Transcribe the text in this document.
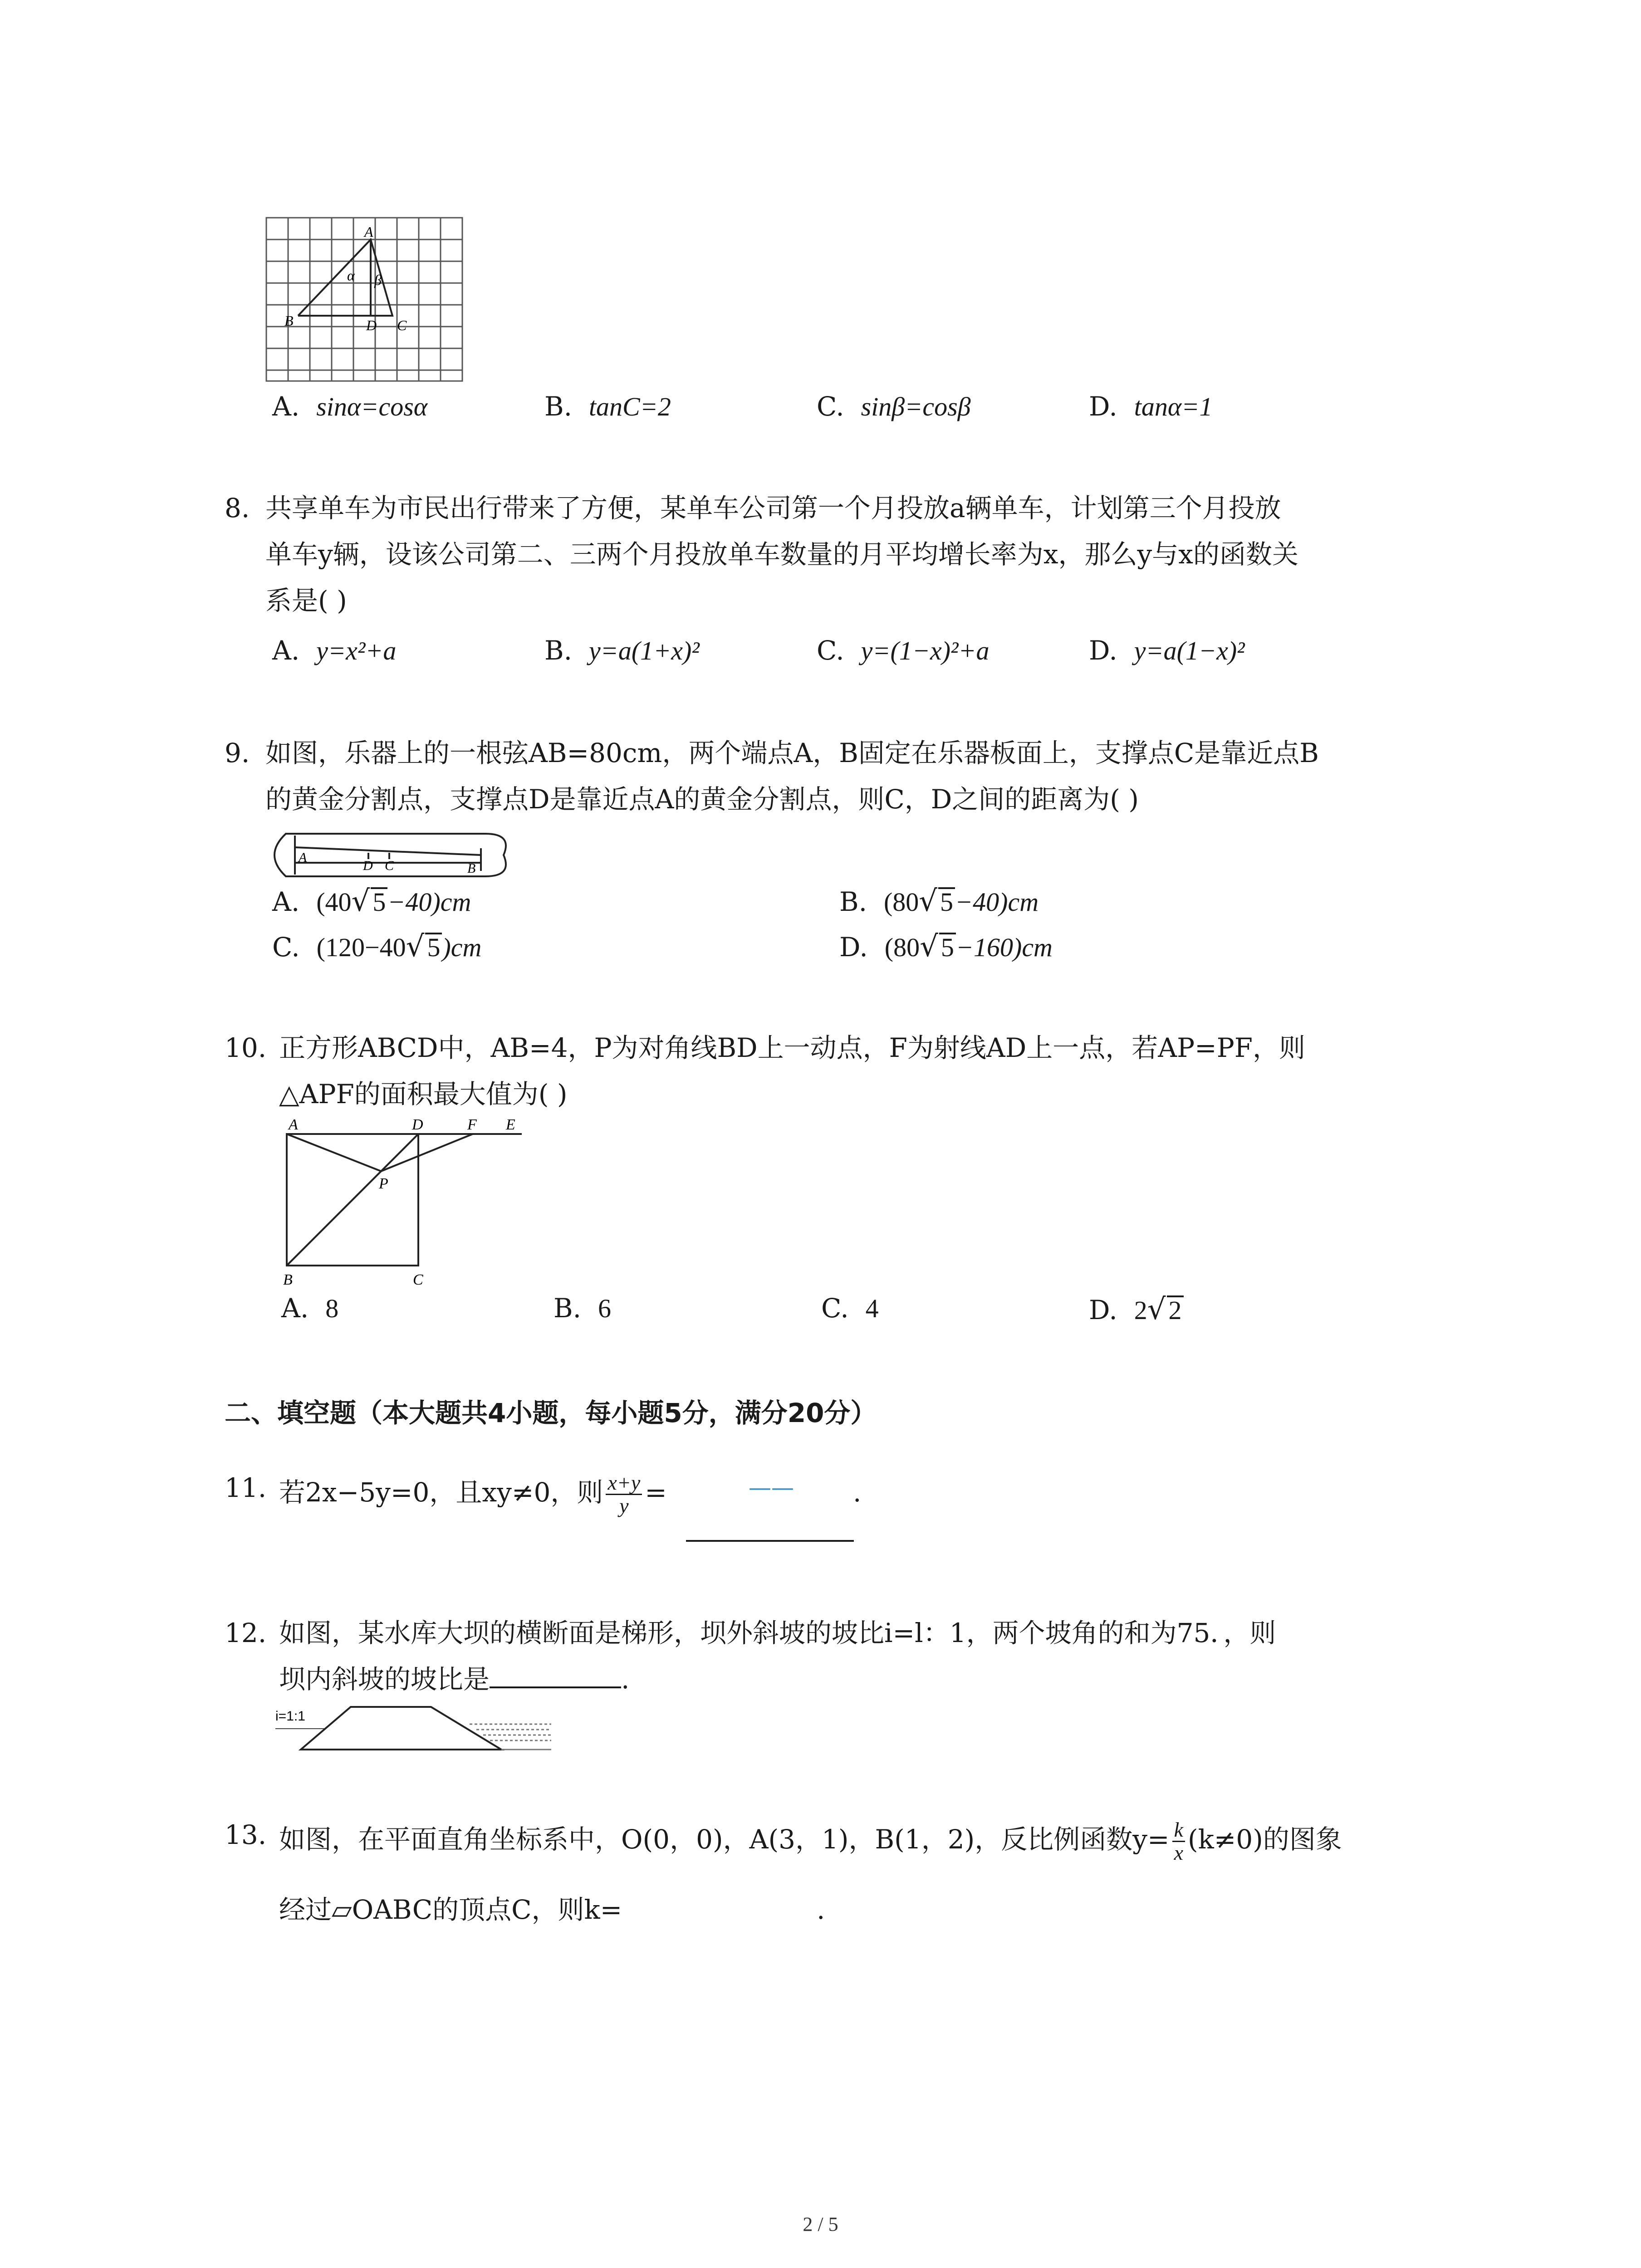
A
B	D C
α β
A. sinα=cosα	B. tanC=2	C. sinβ=cosβ	D. tanα=1
8. 共享单车为市民出行带来了方便，某单车公司第一个月投放a辆单车，计划第三个月投放
单车y辆，设该公司第二、三两个月投放单车数量的月平均增长率为x，那么y与x的函数关
系是( )
A. y=x²+a	B. y=a(1+x)²	C. y=(1−x)²+a	D. y=a(1−x)²
9. 如图，乐器上的一根弦AB=80cm，两个端点A，B固定在乐器板面上，支撑点C是靠近点B
的黄金分割点，支撑点D是靠近点A的黄金分割点，则C，D之间的距离为( )
A
D C	B
A. (40√ 5−40)cm	B. (80√ 5−40)cm
C. (120−40√ 5)cm	D. (80√ 5−160)cm
10. 正方形ABCD中，AB=4，P为对角线BD上一动点，F为射线AD上一点，若AP=PF，则
△APF的面积最大值为( )
A	D	F E
P
B	C
A. 8	B. 6	C. 4	D. 2√ 2
二、填空题（本大题共4小题，每小题5分，满分20分）
11. 若2x−5y=0，且xy≠0，则 $\frac{x+y}{y}$ =	—— .
12. 如图，某水库大坝的横断面是梯形，坝外斜坡的坡比i=l：1，两个坡角的和为75．，则
坝内斜坡的坡比是	.
i=1:1
13. 如图，在平面直角坐标系中，O(0，0)，A(3，1)，B(1，2)，反比例函数$y= \frac{k}{x} (k\ne 0)$的图象
经过▱OABC的顶点C，则k=	.
2 / 5
